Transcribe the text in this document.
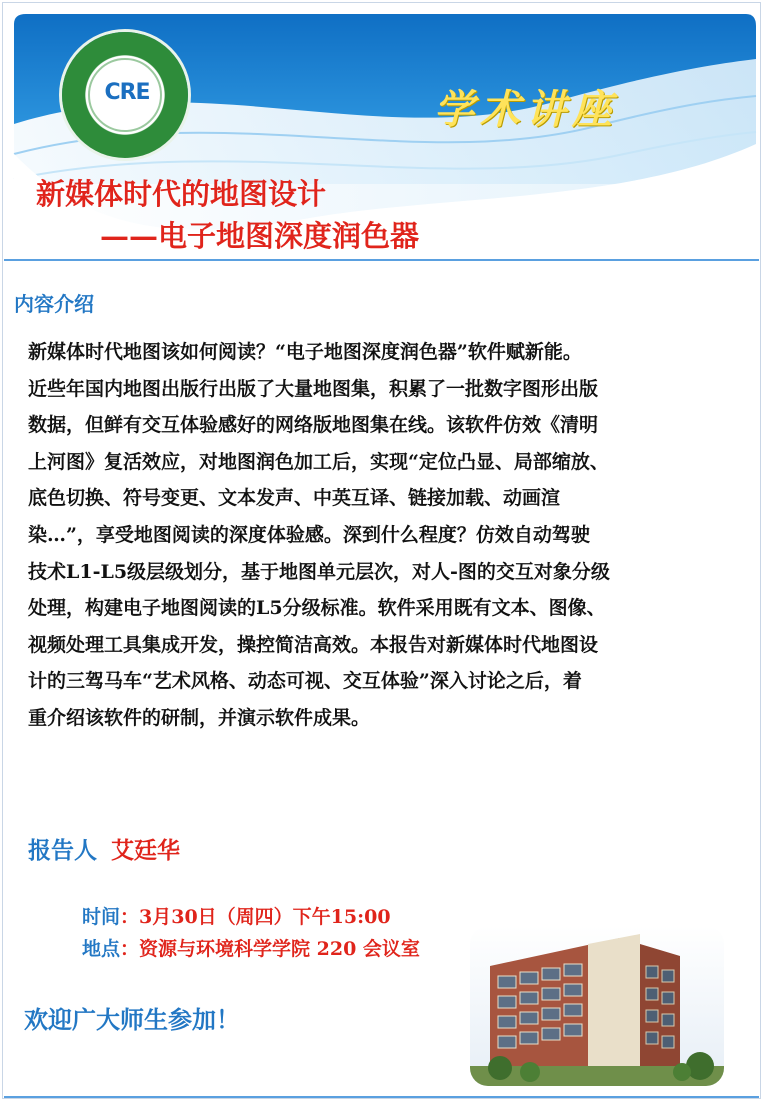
CRE	学术讲座
新媒体时代的地图设计
——电子地图深度润色器
内容介绍

新媒体时代地图该如何阅读？“电子地图深度润色器”软件赋新能。

近些年国内地图出版行出版了大量地图集，积累了一批数字图形出版

数据，但鲜有交互体验感好的网络版地图集在线。该软件仿效《清明

上河图》复活效应，对地图润色加工后，实现“定位凸显、局部缩放、

底色切换、符号变更、文本发声、中英互译、链接加载、动画渲

染…”，享受地图阅读的深度体验感。深到什么程度？仿效自动驾驶

技术L1-L5级层级划分，基于地图单元层次，对人-图的交互对象分级

处理，构建电子地图阅读的L5分级标准。软件采用既有文本、图像、

视频处理工具集成开发，操控简洁高效。本报告对新媒体时代地图设

计的三驾马车“艺术风格、动态可视、交互体验”深入讨论之后，着

重介绍该软件的研制，并演示软件成果。

报告人 艾廷华
时间：3月30日（周四）下午15:00
地点：资源与环境科学学院 220 会议室
欢迎广大师生参加！
